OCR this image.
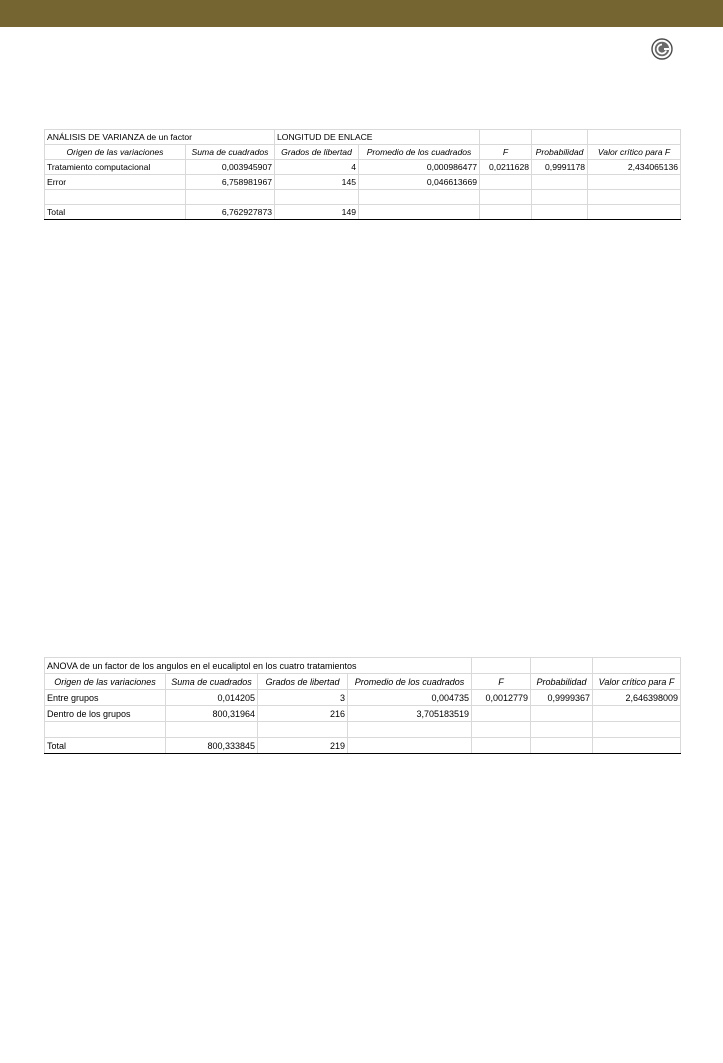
ANÁLISIS DE VARIANZA de un factor		LONGITUD DE ENLACE				
Origen de las variaciones	Suma de cuadrados	Grados de libertad	Promedio de los cuadrados	F	Probabilidad	Valor crítico para F
Tratamiento computacional	0,003945907	4	0,000986477	0,0211628	0,9991178	2,434065136
Error	6,758981967	145	0,046613669			

Total	6,762927873	149				
ANOVA de un factor de los angulos en el eucaliptol en los cuatro tratamientos						
Origen de las variaciones	Suma de cuadrados	Grados de libertad	Promedio de los cuadrados	F	Probabilidad	Valor crítico para F
Entre grupos	0,014205	3	0,004735	0,0012779	0,9999367	2,646398009
Dentro de los grupos	800,31964	216	3,705183519			

Total	800,333845	219				
